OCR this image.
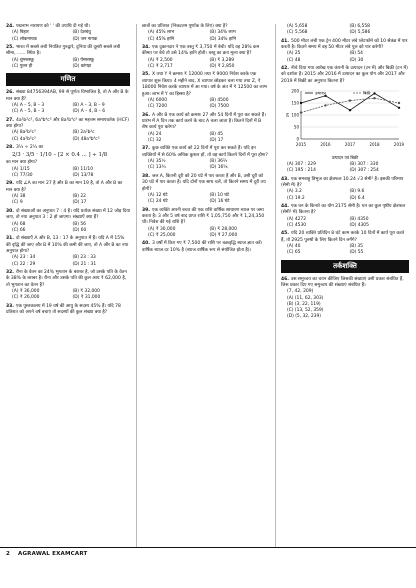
24. पद्मनाभ नारायण को ' ' की उपाधि दी गई थी।
(A) बिहार	(B) देशबंधु
(C) लोकनायक	(D) जन नायक
25. भारत में सबसे लंबी नियंत्रित गुरुद्वारे, दुनिया की दूसरी सबसे लंबी सीमा, ...... स्थित है।
(A) चुंग्सरस्कू	(B) पेंग्सरस्कू
(C) पुल्ल ही	(D) कांगड़ा
गणित
26. संख्या 84756394AB, 99 से पूर्णतः विभाजित है, तो A और B के मान क्या हैं?
(A) A – 5, B – 3	(B) A – 3, B – 9
(C) A – 5, B – 3	(D) A – 4, B – 6
27. 4a²b²c², 6a⁴b⁴c³ और 8a³b⁴c² का महत्तम समापवर्तक (HCF) क्या होगा?
(A) 8a²b²c³	(B) 2a²b²c
(C) 4a²b²c²	(D) 48a⁴b⁴c³
28. 3⅓ ÷ 2⅓ का
2/3 · 3/5 · 1/10 – [2 × 0.4 ... ] ÷ 1/8
का मान क्या होगा?
(A) 1/15	(B) 11/10
(C) 77/30	(D) 13/78
29. यदि ∠A का मान 27 है और B का मान 19 है, तो A और B का मान क्या है?
(A) 38	(B) 22
(C) 9	(D) 17
30. दो संख्याओं का अनुपात 7 : 4 है। यदि प्रत्येक संख्या में 12 जोड़ दिया जाए, तो नया अनुपात 3 : 2 हो जाएगा। संख्याएँ क्या हैं?
(A) 68	(B) 56
(C) 66	(D) 60
31. दो संख्याएँ A और B, 13 : 17 के अनुपात में हैं। यदि A में 15% की वृद्धि की जाए और B में 10% की कमी की जाए, तो A और B का नया अनुपात होगा?
(A) 23 : 34	(B) 23 : 33
(C) 22 : 29	(D) 21 : 31
32. रीना के वेतन का 24% भुगतान के बराबर है, जो उसके पति के वेतन के 38% के बराबर है। रीना और उसके पति की कुल आय ₹ 62,000 है, तो भुगतान का वेतन है?
(A) ₹ 36,000	(B) ₹ 32,000
(C) ₹ 26,000	(D) ₹ 31,000
33. एक पुस्तकालय में 19 वर्ष की आयु के सदस्य 45% हैं। यदि 78 प्रतिशत को अपने वर्ष बचाएं तो सदस्यों की कुल संख्या क्या है?
छात्रों का प्रतिशत (निकटतम पूर्णांक के लिए) क्या है?
(A) 45% लाभ	(B) 34% लाभ
(C) 45% हानि	(D) 34% हानि
34. एक दुकानदार ने एक वस्तु ₹ 3,750 में बेची। यदि वह 28% कम कीमत पर बेचे तो उसे 14% हानि होती। वस्तु का क्रय मूल्य क्या है?
(A) ₹ 2,500	(B) ₹ 3,289
(C) ₹ 2,717	(D) ₹ 2,850
35. X तथा Y ने क्रमशः ₹ 12000 तथा ₹ 9000 निवेश करके एक व्यापार शुरू किया। 4 महीने बाद, X व्यापार छोड़कर चला गया तथा Z, ₹ 18000 निवेश करके व्यापार में आ गया। वर्ष के अंत में ₹ 12500 का लाभ हुआ। लाभ में Y का हिस्सा है?
(A) 6000	(B) 4500
(C) 7200	(D) 7500
36. A और B एक कार्य को क्रमशः 27 और 54 दिनों में पूरा कर सकते हैं। प्रारंभ में A दिन तक कार्य करने के बाद A चला जाता है। कितने दिनों में B शेष कार्य पूरा करेगा?
(A) 24	(B) 45
(C) 32	(D) 17
37. कुछ व्यक्ति एक कार्य को 22 दिनों में पूरा कर सकते हैं। यदि इन व्यक्तियों में से 60% अधिक कुशल हों, तो वह कार्य कितने दिनों में पूरा होगा?
(A) 35½	(B) 36⅔
(C) 13¾	(D) 16⅝
38. जल A, कितनी दूरी को 20 घंटे में पार करता है और B, उसी दूरी को 30 घंटे में पार करता है। यदि दोनों एक साथ चलें, तो कितने समय में दूरी तय होगी?
(A) 12 घंटे	(B) 10 घंटे
(C) 24 घंटे	(D) 16 घंटे
39. एक व्यक्ति अपनी बचत की एक राशि वार्षिक साधारण ब्याज पर जमा करता है। 3 और 5 वर्ष बाद प्राप्त राशि ₹ 1,05,750 और ₹ 1,24,350 थी। निवेश की गई राशि है?
(A) ₹ 30,000	(B) ₹ 28,000
(C) ₹ 25,000	(D) ₹ 27,000
40. 3 वर्षों में किए गए ₹ 7,500 की राशि पर चक्रवृद्धि ब्याज ज्ञात करें। वार्षिक ब्याज दर 10% है (ब्याज वार्षिक रूप से संयोजित होता है)।
(A) 5,658	(B) 6,558
(C) 5,568	(D) 5,586
41. 500 मीटर लंबी एक ट्रेन 400 मीटर लंबे प्लेटफॉर्म को 10 सेकंड में पार करती है। कितने समय में वह 50 मीटर लंबे पुल को पार करेगी?
(A) 25	(B) 54
(C) 48	(D) 30
42. नीचे दिया गया आरेख एक कंपनी के उत्पादन (टन में) और बिक्री (टन में) को दर्शाता है। 2015 और 2016 में उत्पादन का कुल योग और 2017 और 2019 में बिक्री का अनुपात कितना है?
0
50
100
150
200
टन
2015	2016	2017	2018	2019
उत्पादन	बिक्री
उत्पादन एवं बिक्री
(A) 307 : 229	(B) 307 : 330
(C) 195 : 214	(D) 307 : 254
43. एक समबाहु त्रिभुज का क्षेत्रफल 10.24 √3 सेमी² है। इसकी परिमाप (सेमी में) है?
(A) 3.2	(B) 9.6
(C) 19.2	(D) 6.4
44. एक घन के किनारे का योग 2175 सेमी है। घन का कुल पृष्ठीय क्षेत्रफल (सेमी² में) कितना है?
(A) 4272	(B) 4350
(C) 4530	(D) 4305
45. यदि 20 व्यक्ति प्रतिदिन 8 घंटे काम करके 10 दिनों में कार्य पूरा करते हैं, तो 2925 पुरुषों के लिए कितने दिन लगेंगे?
(A) 40	(B) 35
(C) 65	(D) 55
तर्कशक्ति
46. उस समुच्चय का चयन कीजिए जिसकी संख्याएं उसी प्रकार संबंधित हैं, जिस प्रकार दिए गए समुच्चय की संख्याएं संबंधित हैं।
(7, 42, 209)
(A) (11, 62, 303)
(B) (3, 22, 119)
(C) (13, 52, 359)
(D) (5, 32, 239)
2 AGRAWAL EXAMCART
